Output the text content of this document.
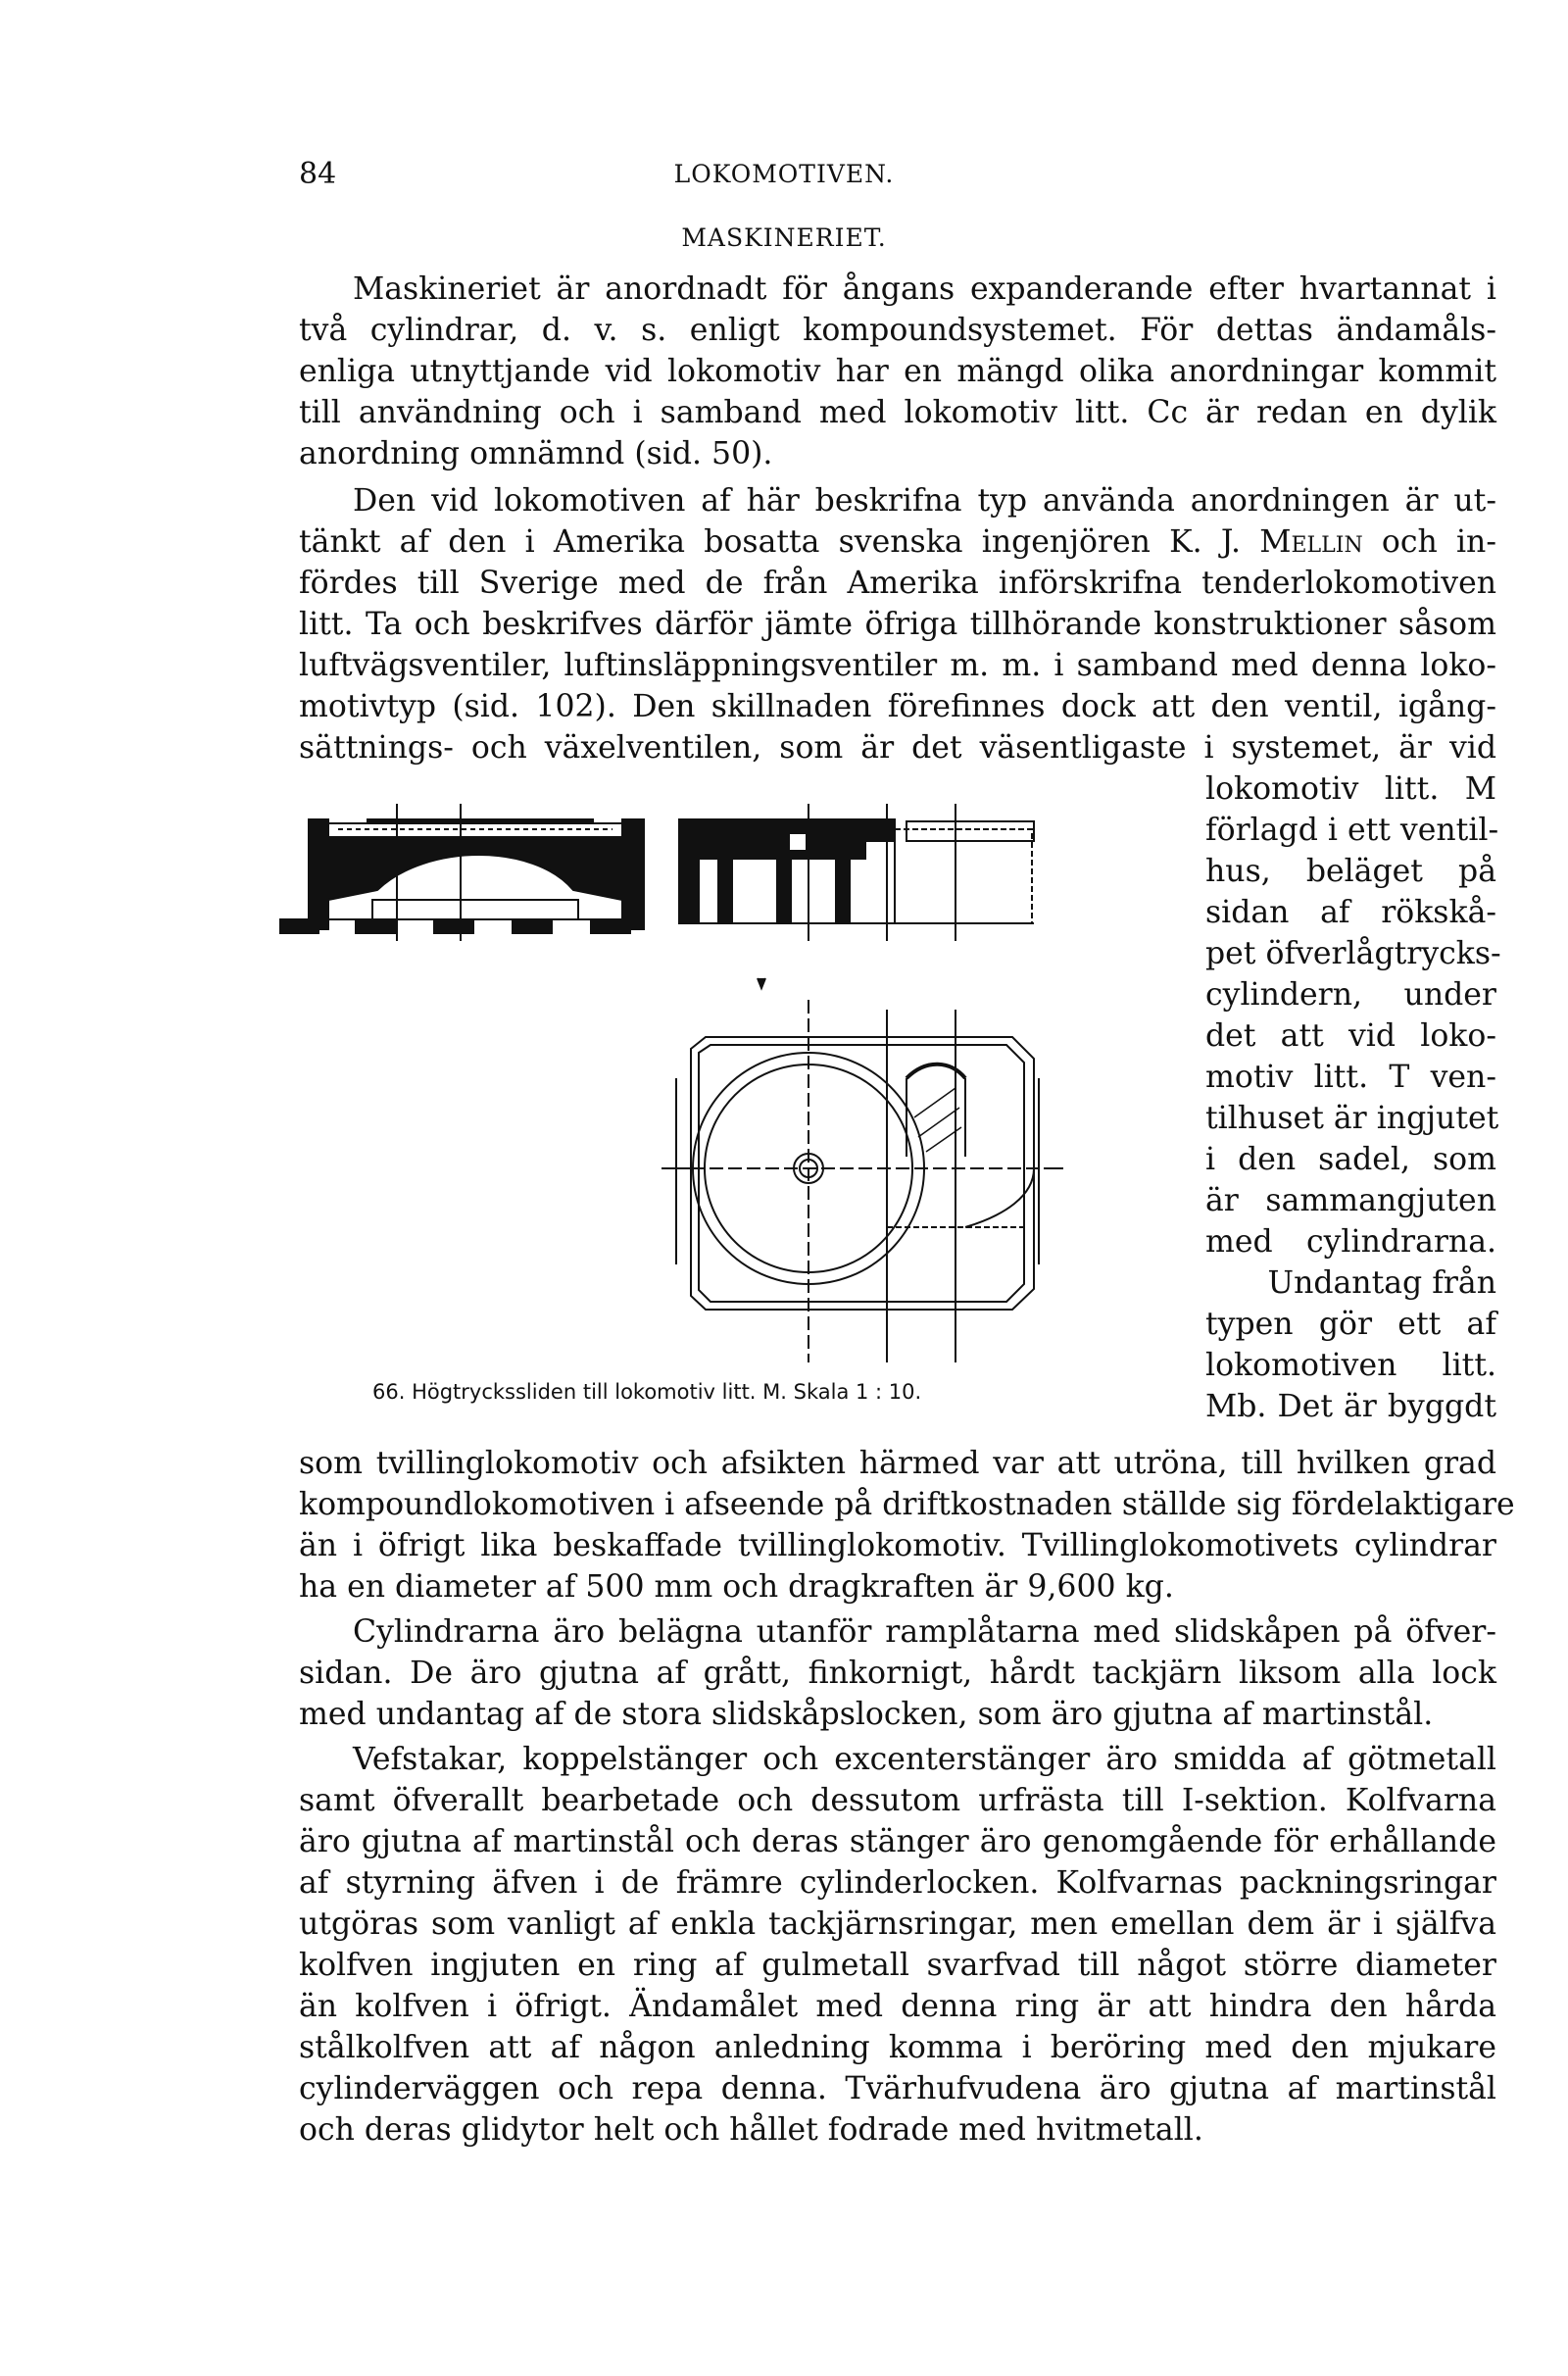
84	LOKOMOTIVEN.
MASKINERIET.
Maskineriet är anordnadt för ångans expanderande efter hvartannat i
två cylindrar, d. v. s. enligt kompoundsystemet. För dettas ändamåls-
enliga utnyttjande vid lokomotiv har en mängd olika anordningar kommit
till användning och i samband med lokomotiv litt. Cc är redan en dylik
anordning omnämnd (sid. 50).
Den vid lokomotiven af här beskrifna typ använda anordningen är ut-
tänkt af den i Amerika bosatta svenska ingenjören K. J. Mellin och in-
fördes till Sverige med de från Amerika införskrifna tenderlokomotiven
litt. Ta och beskrifves därför jämte öfriga tillhörande konstruktioner såsom
luftvägsventiler, luftinsläppningsventiler m. m. i samband med denna loko-
motivtyp (sid. 102). Den skillnaden förefinnes dock att den ventil, igång-
sättnings- och växelventilen, som är det väsentligaste i systemet, är vid
lokomotiv litt. M
förlagd i ett ventil-
hus, beläget på
sidan af rökskå-
pet öfverlågtrycks-
cylindern, under
det att vid loko-
motiv litt. T ven-
tilhuset är ingjutet
i den sadel, som
är sammangjuten
med cylindrarna.
Undantag från
typen gör ett af
lokomotiven litt.
Mb. Det är byggdt
66. Högtryckssliden till lokomotiv litt. M. Skala 1 : 10.
som tvillinglokomotiv och afsikten härmed var att utröna, till hvilken grad
kompoundlokomotiven i afseende på driftkostnaden ställde sig fördelaktigare
än i öfrigt lika beskaffade tvillinglokomotiv. Tvillinglokomotivets cylindrar
ha en diameter af 500 mm och dragkraften är 9,600 kg.
Cylindrarna äro belägna utanför ramplåtarna med slidskåpen på öfver-
sidan. De äro gjutna af grått, finkornigt, hårdt tackjärn liksom alla lock
med undantag af de stora slidskåpslocken, som äro gjutna af martinstål.
Vefstakar, koppelstänger och excenterstänger äro smidda af götmetall
samt öfverallt bearbetade och dessutom urfrästa till I-sektion. Kolfvarna
äro gjutna af martinstål och deras stänger äro genomgående för erhållande
af styrning äfven i de främre cylinderlocken. Kolfvarnas packningsringar
utgöras som vanligt af enkla tackjärnsringar, men emellan dem är i själfva
kolfven ingjuten en ring af gulmetall svarfvad till något större diameter
än kolfven i öfrigt. Ändamålet med denna ring är att hindra den hårda
stålkolfven att af någon anledning komma i beröring med den mjukare
cylinderväggen och repa denna. Tvärhufvudena äro gjutna af martinstål
och deras glidytor helt och hållet fodrade med hvitmetall.
